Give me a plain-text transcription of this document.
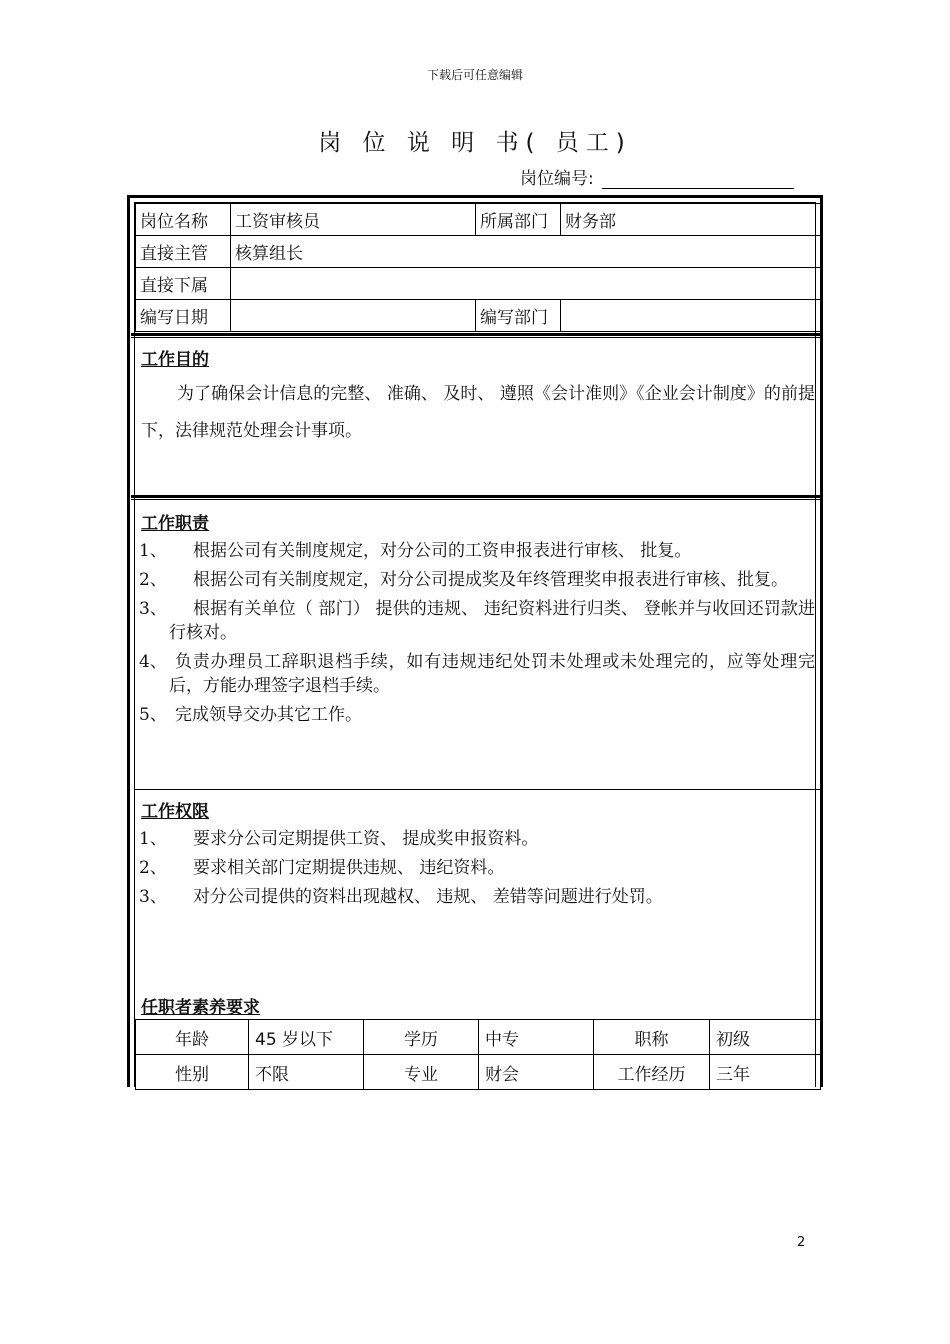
下载后可任意编辑
岗 位 说 明 书( 员工)
岗位编号:
岗位名称	工资审核员	所属部门	财务部
直接主管	核算组长		
直接下属			
编写日期		编写部门	
工作目的
为了确保会计信息的完整、 准确、 及时、 遵照《会计准则》《企业会计制度》的前提下，法律规范处理会计事项。
工作职责
1、	根据公司有关制度规定，对分公司的工资申报表进行审核、 批复。
2、	根据公司有关制度规定，对分公司提成奖及年终管理奖申报表进行审核、批复。
3、	根据有关单位（ 部门） 提供的违规、 违纪资料进行归类、 登帐并与收回还罚款进行核对。
4、 负责办理员工辞职退档手续，如有违规违纪处罚未处理或未处理完的，应等处理完后，方能办理签字退档手续。
5、 完成领导交办其它工作。
工作权限
1、	要求分公司定期提供工资、 提成奖申报资料。
2、	要求相关部门定期提供违规、 违纪资料。
3、	对分公司提供的资料出现越权、 违规、 差错等问题进行处罚。
任职者素养要求
年龄	45 岁以下	学历	中专	职称	初级
性别	不限	专业	财会	工作经历	三年
2
